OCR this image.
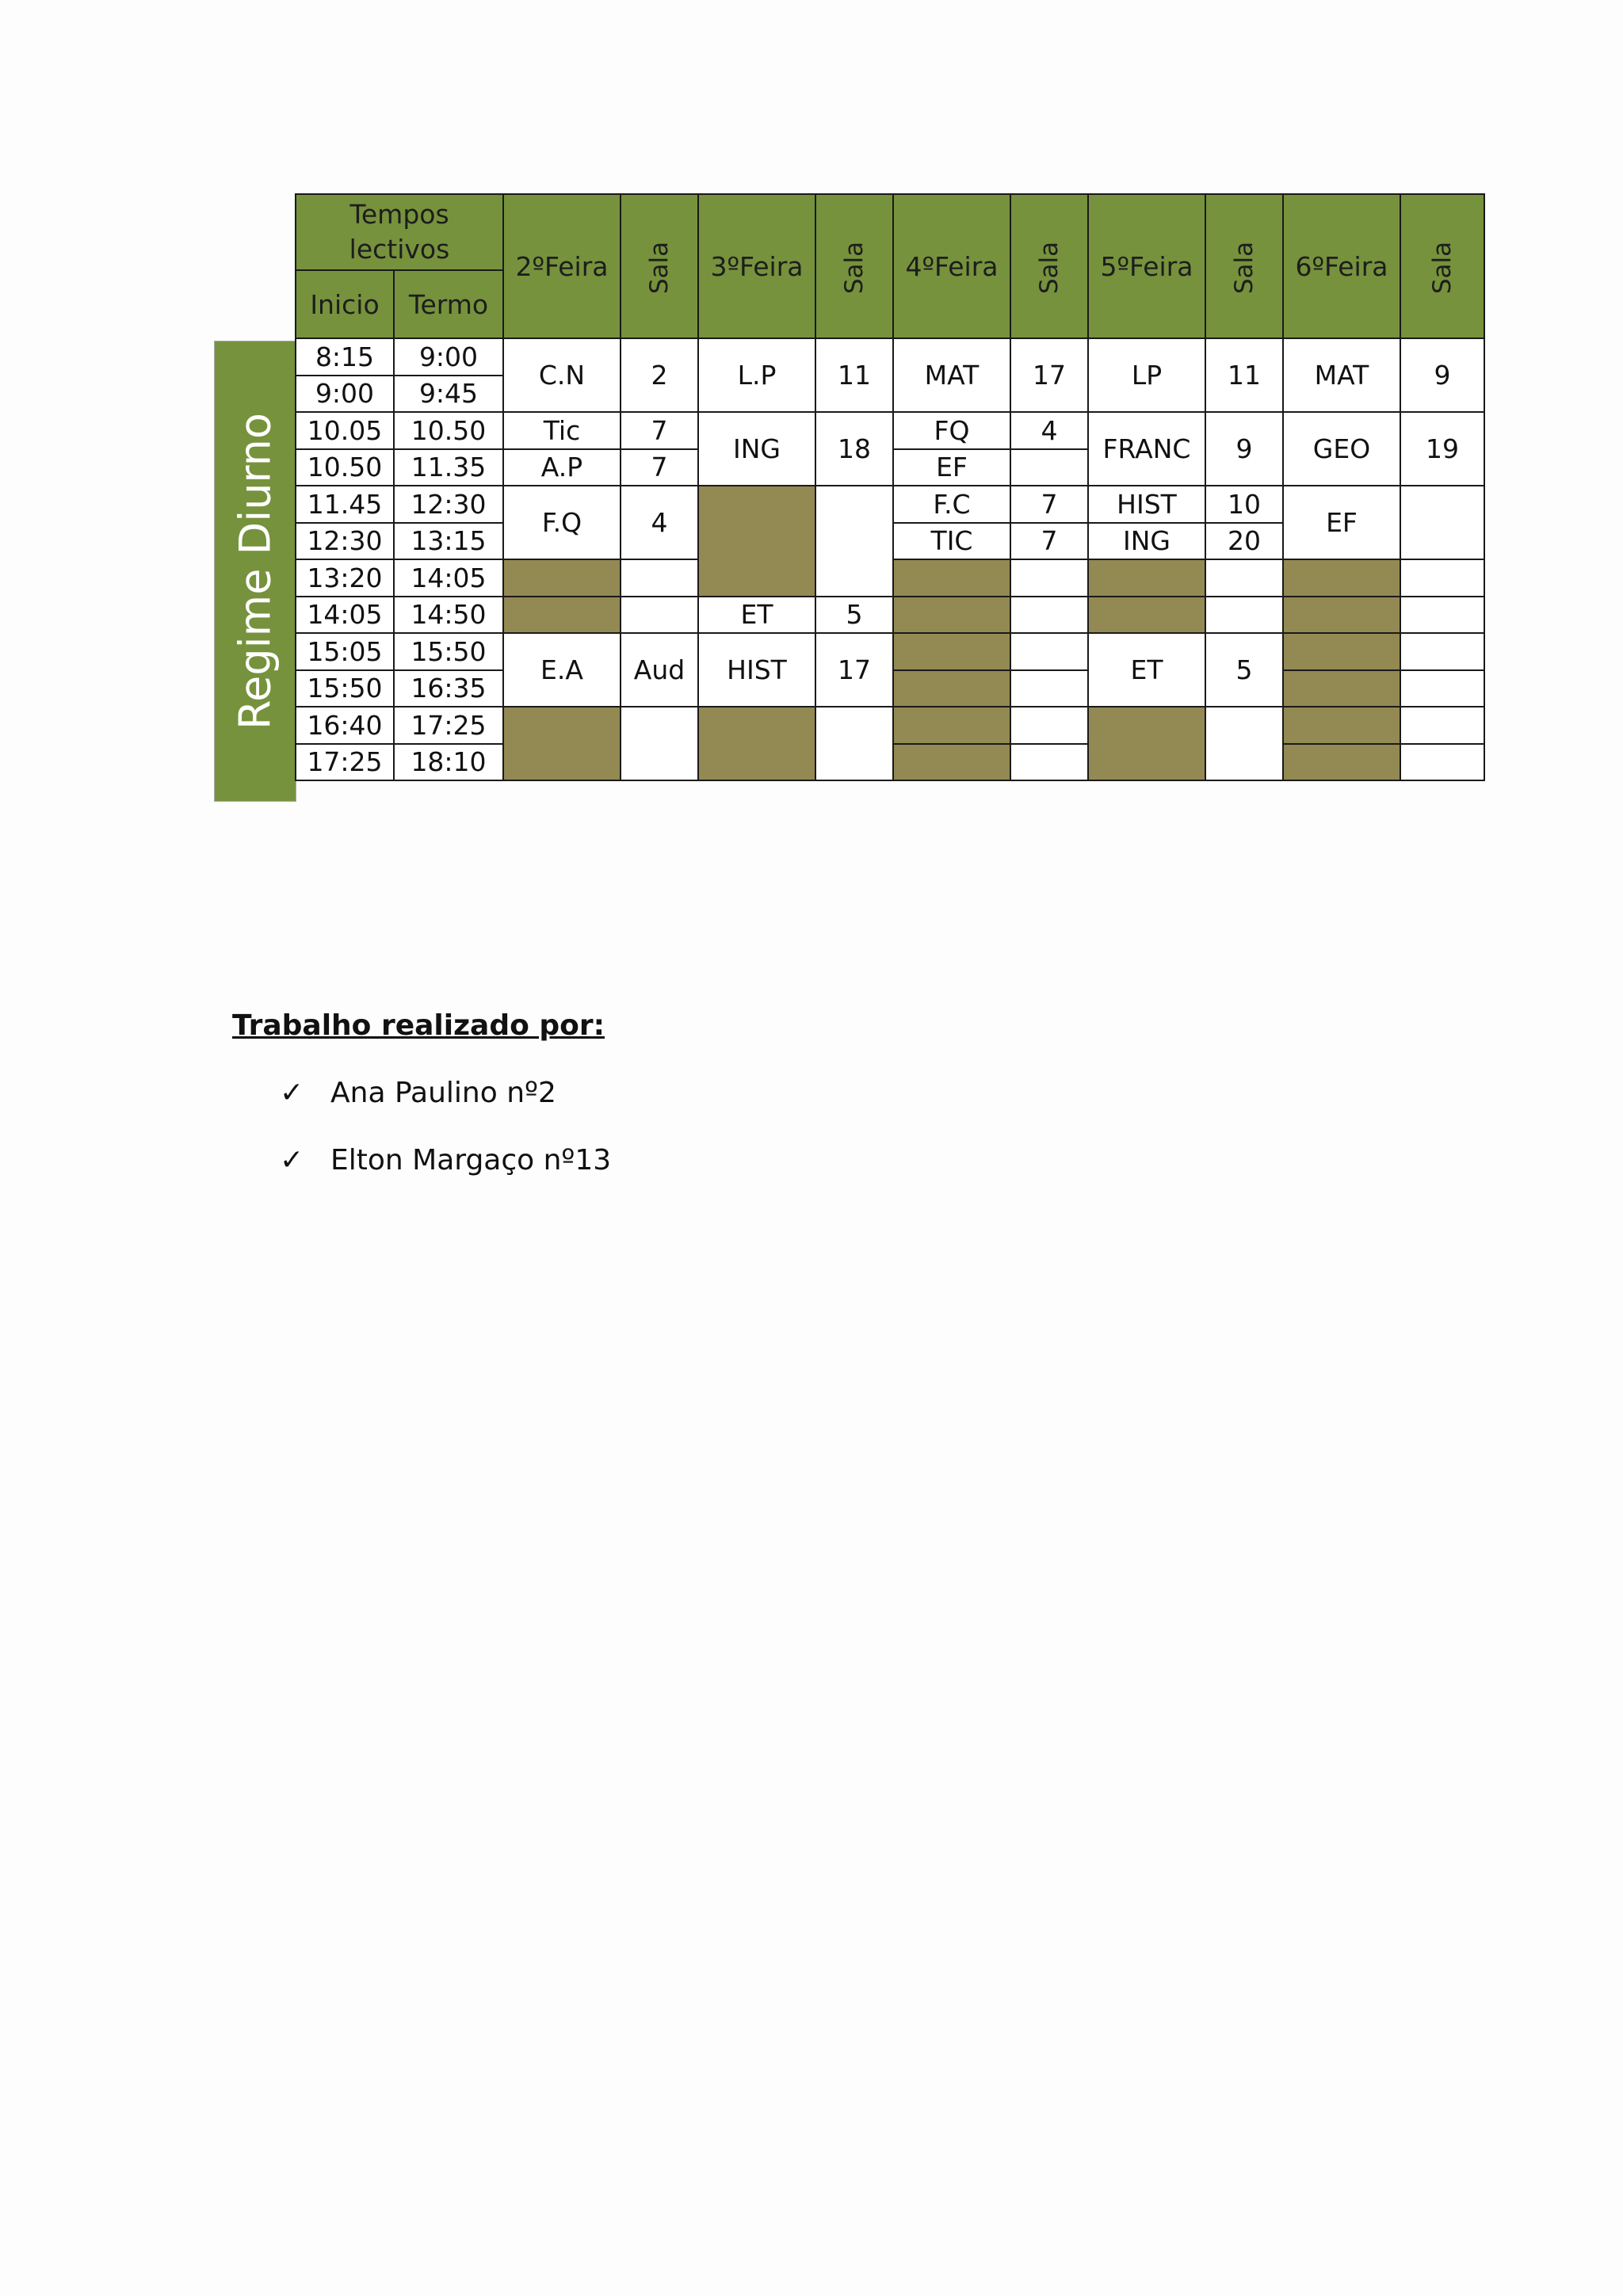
Regime Diurno
Tempos lectivos		2ºFeira	Sala	3ºFeira	Sala	4ºFeira	Sala	5ºFeira	Sala	6ºFeira	Sala
Inicio	Termo										
8:15	9:00	C.N	2	L.P	11	MAT	17	LP	11	MAT	9
9:00	9:45										
10.05	10.50	Tic	7	ING	18	FQ	4	FRANC	9	GEO	19
10.50	11.35	A.P	7			EF					
11.45	12:30	F.Q	4			F.C	7	HIST	10	EF	
12:30	13:15					TIC	7	ING	20		
13:20	14:05										
14:05	14:50			ET	5						
15:05	15:50	E.A	Aud	HIST	17			ET	5		
15:50	16:35										
16:40	17:25										
17:25	18:10										

Trabalho realizado por:

✓ Ana Paulino nº2
✓ Elton Margaço nº13
